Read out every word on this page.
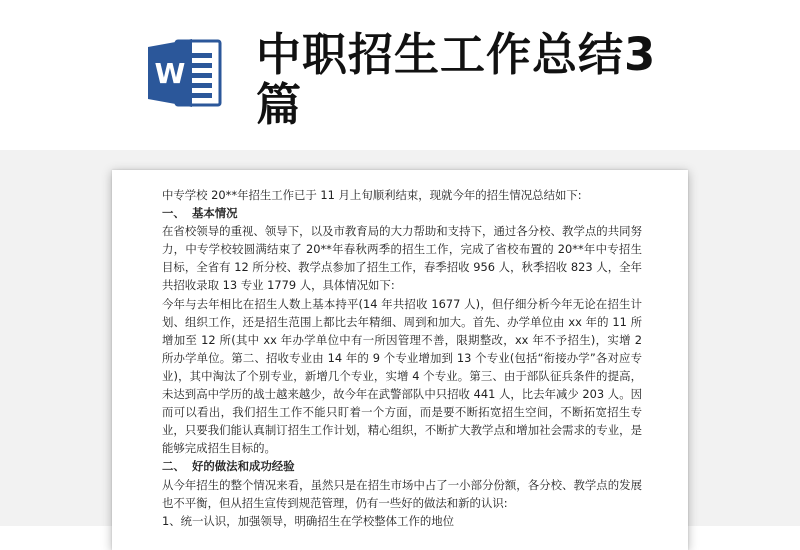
W 中职招生工作总结3篇

中专学校 20**年招生工作已于 11 月上旬顺利结束，现就今年的招生情况总结如下:

一、 基本情况

在省校领导的重视、领导下，以及市教育局的大力帮助和支持下，通过各分校、教学点的共同努力，中专学校较圆满结束了 20**年春秋两季的招生工作，完成了省校布置的 20**年中专招生目标，全省有 12 所分校、教学点参加了招生工作，春季招收 956 人，秋季招收 823 人，全年共招收录取 13 专业 1779 人，具体情况如下:

今年与去年相比在招生人数上基本持平(14 年共招收 1677 人)，但仔细分析今年无论在招生计划、组织工作，还是招生范围上都比去年精细、周到和加大。首先、办学单位由 xx 年的 11 所增加至 12 所(其中 xx 年办学单位中有一所因管理不善，限期整改，xx 年不予招生)，实增 2 所办学单位。第二、招收专业由 14 年的 9 个专业增加到 13 个专业(包括“衔接办学”各对应专业)，其中淘汰了个别专业，新增几个专业，实增 4 个专业。第三、由于部队征兵条件的提高，未达到高中学历的战士越来越少，故今年在武警部队中只招收 441 人，比去年减少 203 人。因而可以看出，我们招生工作不能只盯着一个方面，而是要不断拓宽招生空间，不断拓宽招生专业，只要我们能认真制订招生工作计划，精心组织，不断扩大教学点和增加社会需求的专业，是能够完成招生目标的。

二、 好的做法和成功经验

从今年招生的整个情况来看，虽然只是在招生市场中占了一小部分份额，各分校、教学点的发展也不平衡，但从招生宣传到规范管理，仍有一些好的做法和新的认识:

1、统一认识，加强领导，明确招生在学校整体工作的地位
